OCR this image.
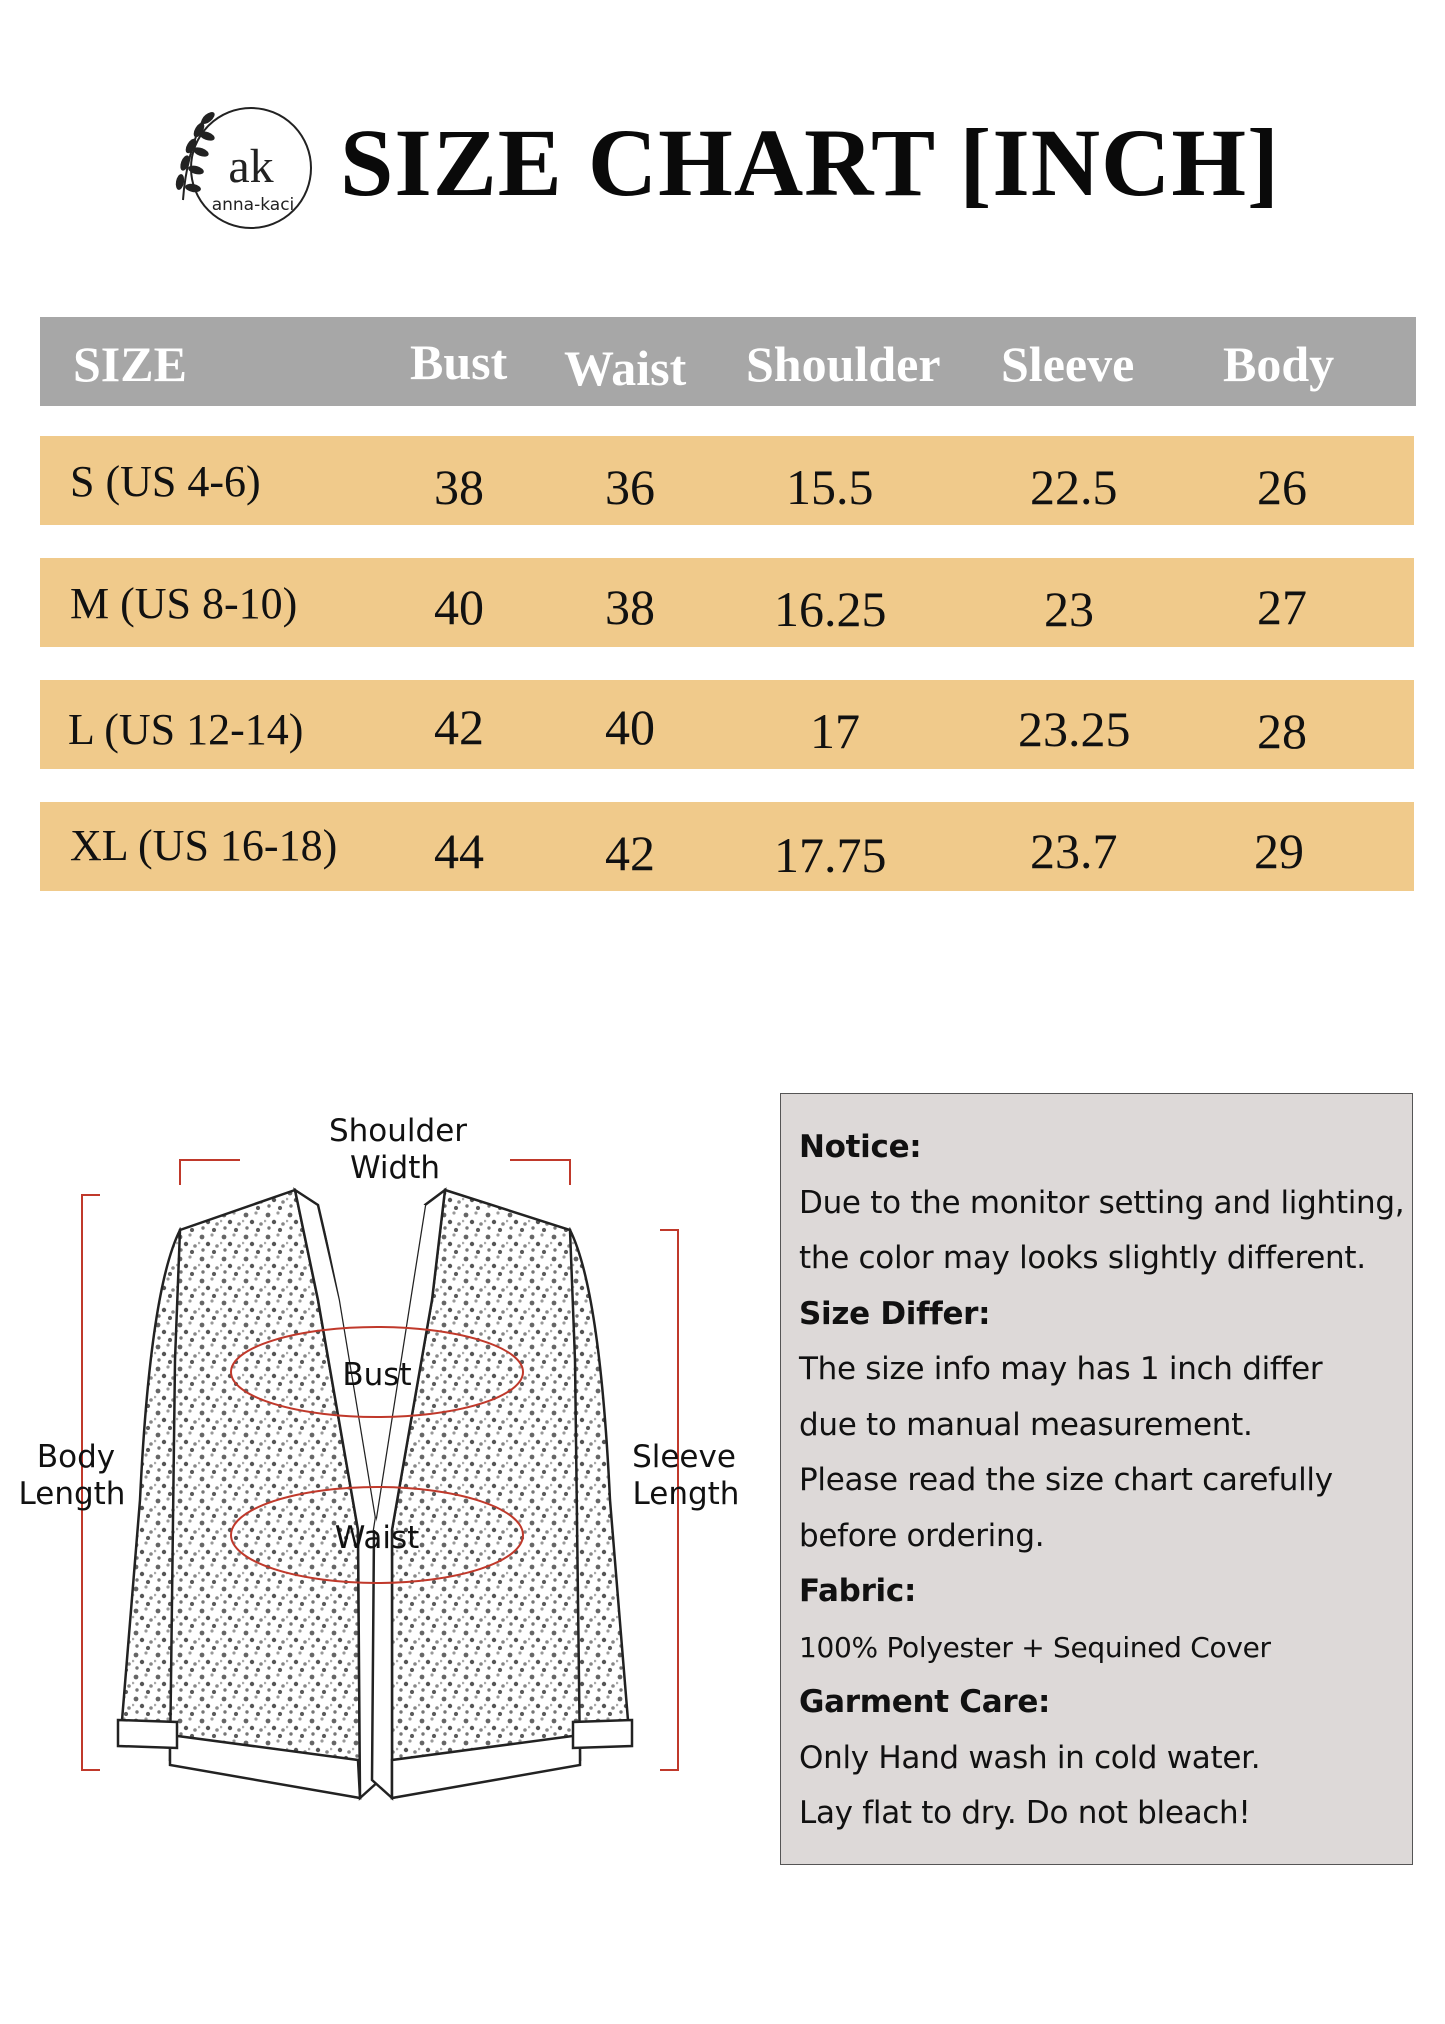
ak
anna-kaci SIZE CHART [INCH]
SIZE	Bust Waist Shoulder Sleeve Body
S (US 4-6)	38 36	15.5	22.5	26
M (US 8-10)	40 38 16.25	23	27
L (US 12-14)	42 40	17	23.25	28
XL (US 16-18) 44 42 17.75	23.7	29
Shoulder
Width
Bust
Waist
Body
Length
Sleeve
Length
Notice:
Due to the monitor setting and lighting,
the color may looks slightly different.
Size Differ:
The size info may has 1 inch differ
due to manual measurement.
Please read the size chart carefully
before ordering.
Fabric:
100% Polyester + Sequined Cover
Garment Care:
Only Hand wash in cold water.
Lay flat to dry. Do not bleach!
